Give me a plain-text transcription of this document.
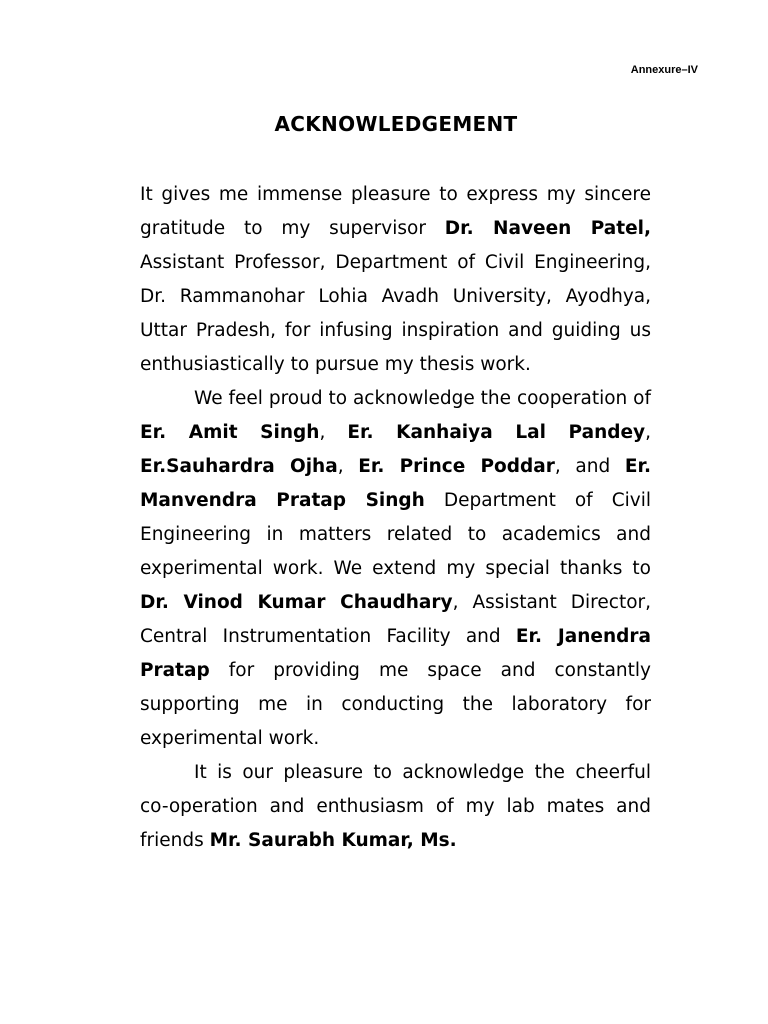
Annexure–IV
ACKNOWLEDGEMENT

It gives me immense pleasure to express my sincere gratitude to my supervisor Dr. Naveen Patel, Assistant Professor, Department of Civil Engineering, Dr. Rammanohar Lohia Avadh University, Ayodhya, Uttar Pradesh, for infusing inspiration and guiding us enthusiastically to pursue my thesis work.

We feel proud to acknowledge the cooperation of Er. Amit Singh, Er. Kanhaiya Lal Pandey, Er.Sauhardra Ojha, Er. Prince Poddar, and Er. Manvendra Pratap Singh Department of Civil Engineering in matters related to academics and experimental work. We extend my special thanks to Dr. Vinod Kumar Chaudhary, Assistant Director, Central Instrumentation Facility and Er. Janendra Pratap for providing me space and constantly supporting me in conducting the laboratory for experimental work.

It is our pleasure to acknowledge the cheerful co-operation and enthusiasm of my lab mates and friends Mr. Saurabh Kumar, Ms.
